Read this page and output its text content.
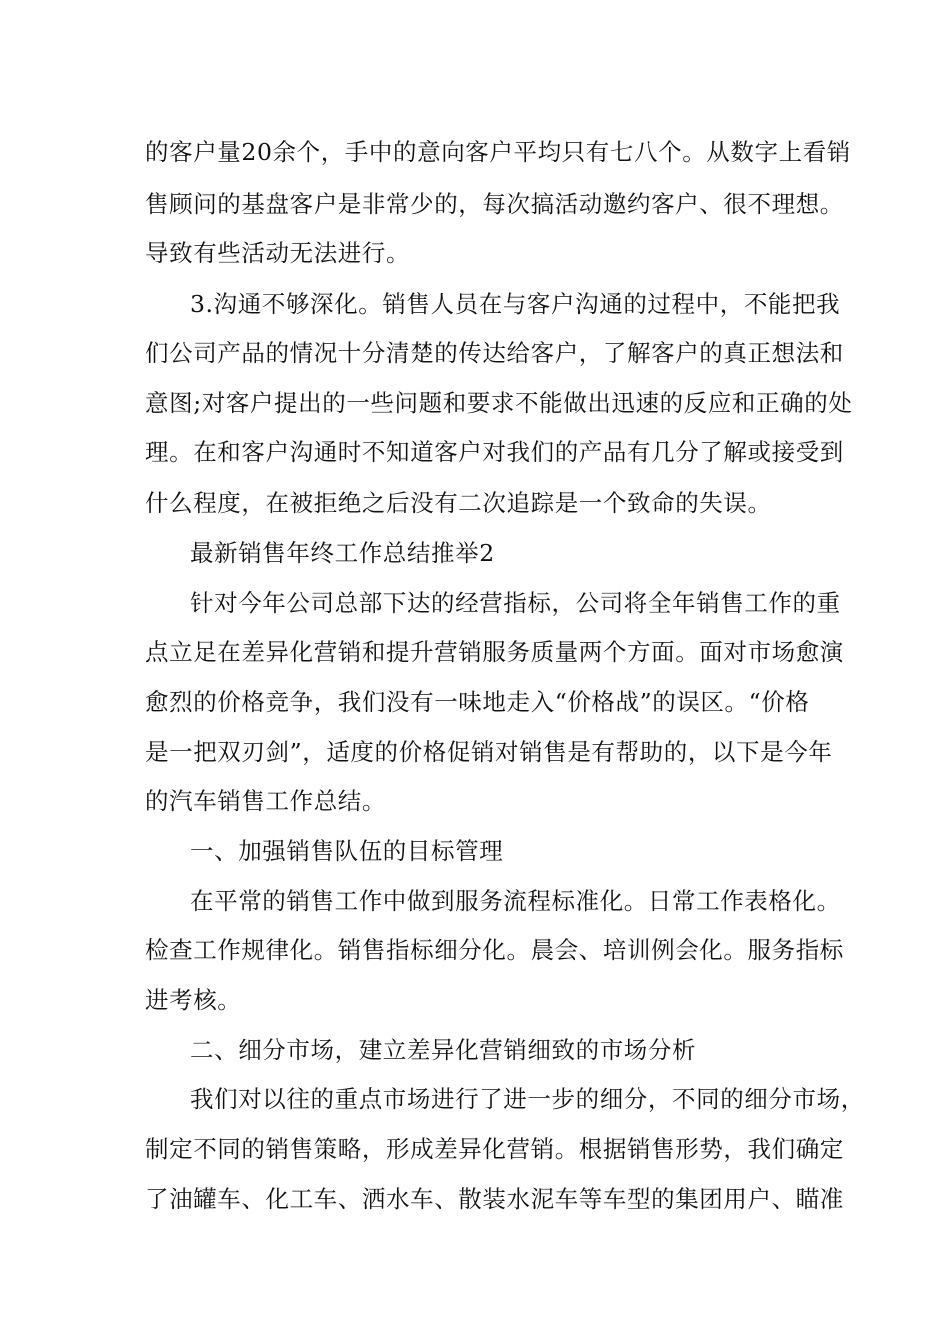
的客户量20余个，手中的意向客户平均只有七八个。从数字上看销
售顾问的基盘客户是非常少的，每次搞活动邀约客户、很不理想。
导致有些活动无法进行。
3.沟通不够深化。销售人员在与客户沟通的过程中，不能把我
们公司产品的情况十分清楚的传达给客户，了解客户的真正想法和
意图;对客户提出的一些问题和要求不能做出迅速的反应和正确的处
理。在和客户沟通时不知道客户对我们的产品有几分了解或接受到
什么程度，在被拒绝之后没有二次追踪是一个致命的失误。
最新销售年终工作总结推举2
针对今年公司总部下达的经营指标，公司将全年销售工作的重
点立足在差异化营销和提升营销服务质量两个方面。面对市场愈演
愈烈的价格竞争，我们没有一味地走入“价格战”的误区。“价格
是一把双刃剑”，适度的价格促销对销售是有帮助的，以下是今年
的汽车销售工作总结。
一、加强销售队伍的目标管理
在平常的销售工作中做到服务流程标准化。日常工作表格化。
检查工作规律化。销售指标细分化。晨会、培训例会化。服务指标
进考核。
二、细分市场，建立差异化营销细致的市场分析
我们对以往的重点市场进行了进一步的细分，不同的细分市场，
制定不同的销售策略，形成差异化营销。根据销售形势，我们确定
了油罐车、化工车、洒水车、散装水泥车等车型的集团用户、瞄准
